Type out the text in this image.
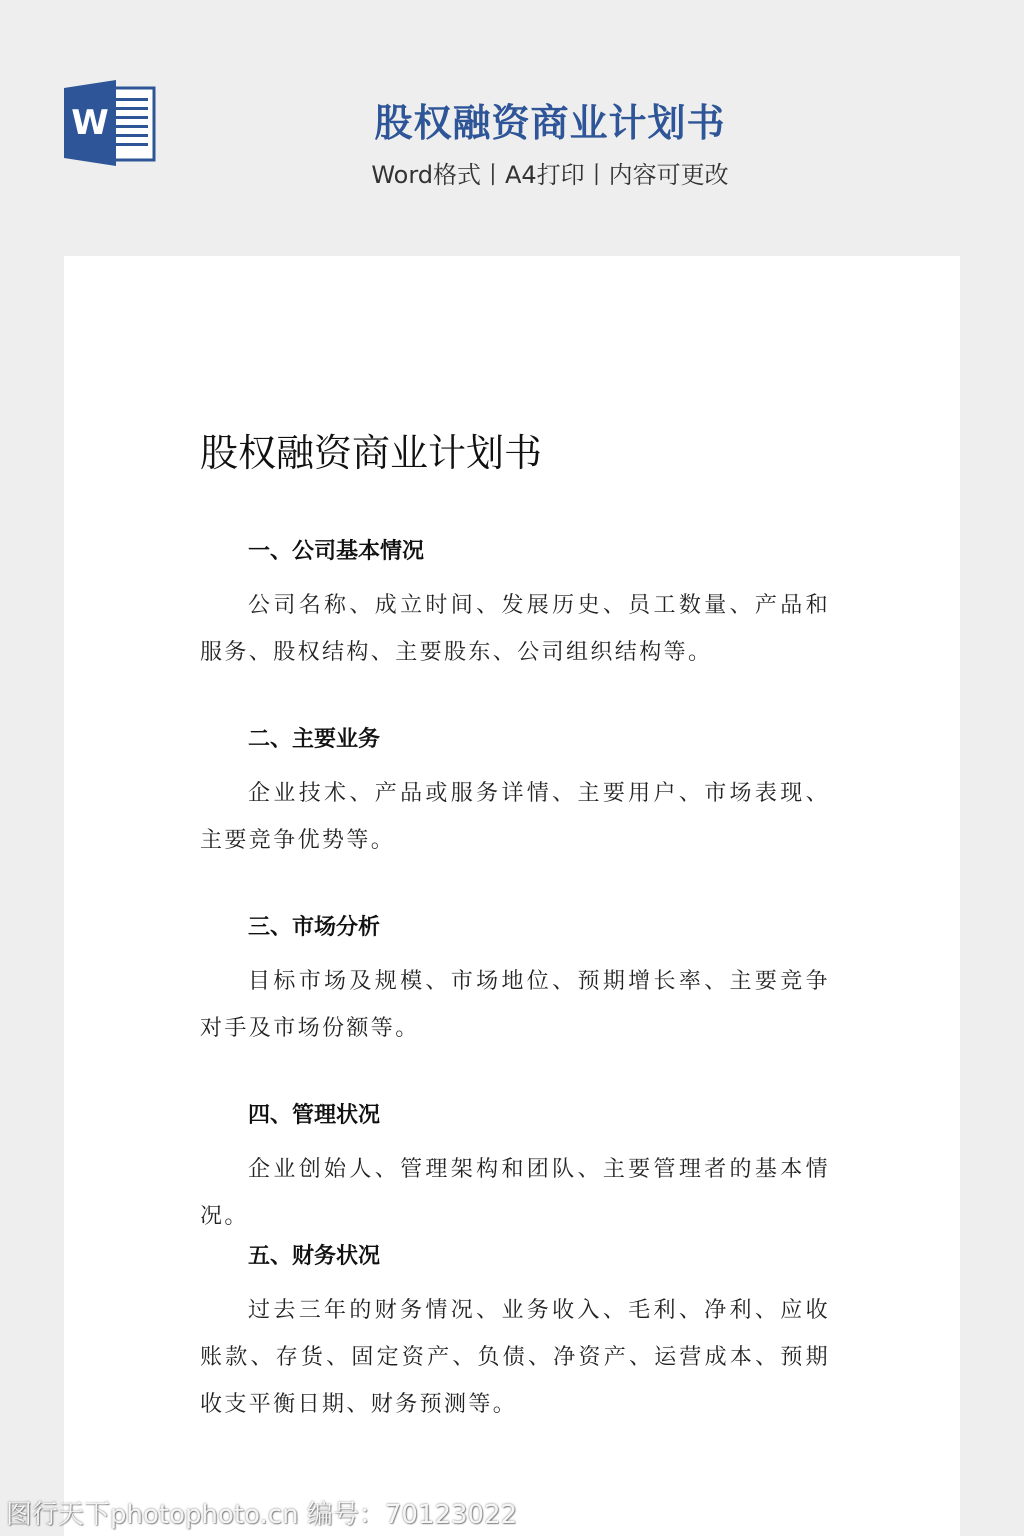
W	股权融资商业计划书
Word格式丨A4打印丨内容可更改
股权融资商业计划书
一、公司基本情况
公司名称、成立时间、发展历史、员工数量、产品和服务、股权结构、主要股东、公司组织结构等。
二、主要业务
企业技术、产品或服务详情、主要用户、市场表现、主要竞争优势等。
三、市场分析
目标市场及规模、市场地位、预期增长率、主要竞争对手及市场份额等。
四、管理状况
企业创始人、管理架构和团队、主要管理者的基本情况。
五、财务状况
过去三年的财务情况、业务收入、毛利、净利、应收账款、存货、固定资产、负债、净资产、运营成本、预期收支平衡日期、财务预测等。
图行天下photophoto.cn 编号：70123022
